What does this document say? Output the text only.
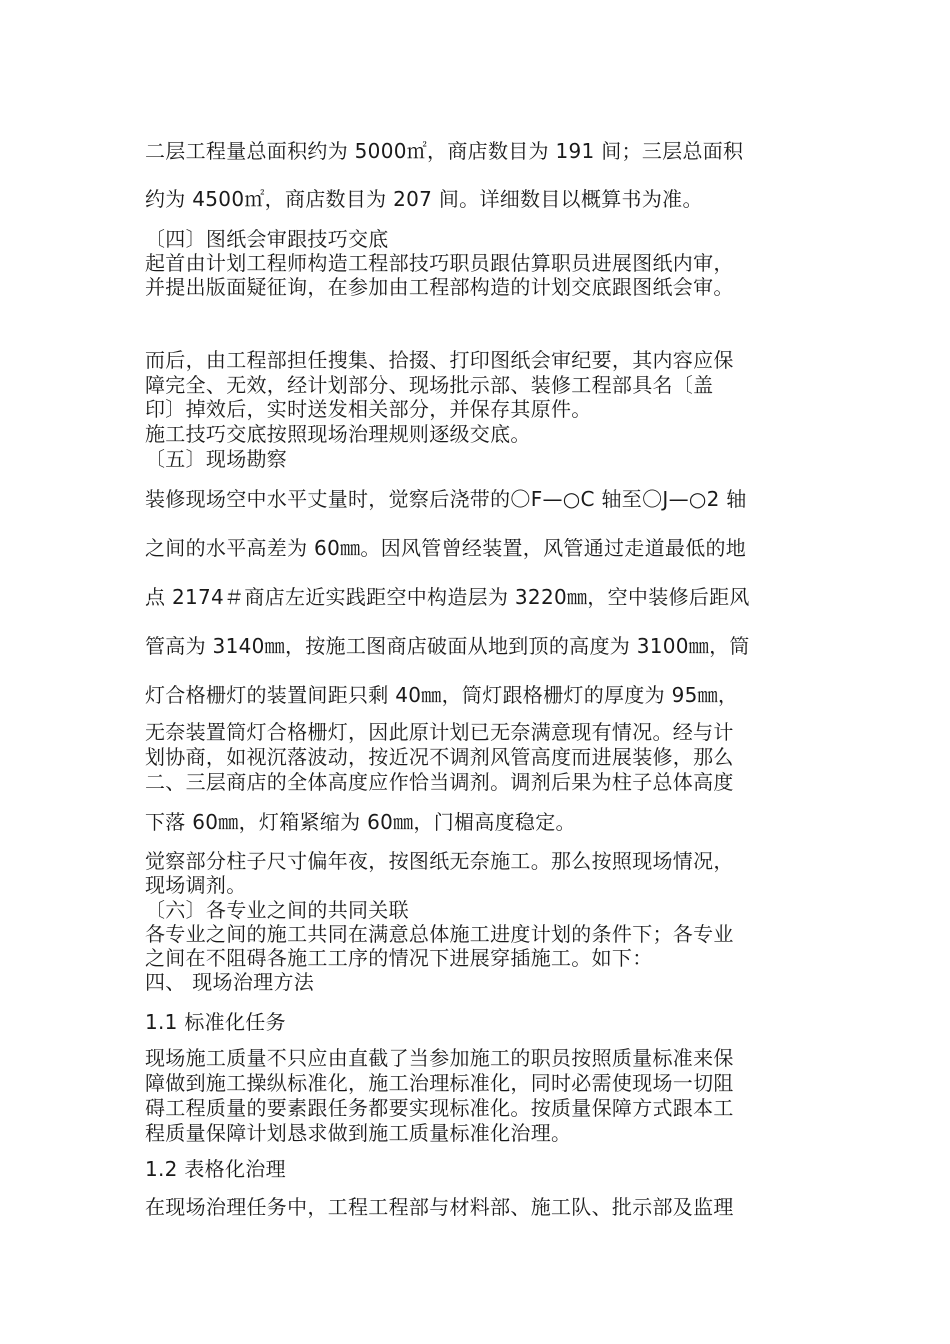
二层工程量总面积约为 5000㎡，商店数目为 191 间；三层总面积
约为 4500㎡，商店数目为 207 间。详细数目以概算书为准。
〔四〕图纸会审跟技巧交底
起首由计划工程师构造工程部技巧职员跟估算职员进展图纸内审，
并提出版面疑征询，在参加由工程部构造的计划交底跟图纸会审。
而后，由工程部担任搜集、拾掇、打印图纸会审纪要，其内容应保
障完全、无效，经计划部分、现场批示部、装修工程部具名〔盖
印〕掉效后，实时送发相关部分，并保存其原件。
施工技巧交底按照现场治理规则逐级交底。
〔五〕现场勘察
装修现场空中水平丈量时，觉察后浇带的〇F—○C 轴至〇J—○2 轴
之间的水平高差为 60㎜。因风管曾经装置，风管通过走道最低的地
点 2174＃商店左近实践距空中构造层为 3220㎜，空中装修后距风
管高为 3140㎜，按施工图商店破面从地到顶的高度为 3100㎜，筒
灯合格栅灯的装置间距只剩 40㎜，筒灯跟格栅灯的厚度为 95㎜，
无奈装置筒灯合格栅灯，因此原计划已无奈满意现有情况。经与计
划协商，如视沉落波动，按近况不调剂风管高度而进展装修，那么
二、三层商店的全体高度应作恰当调剂。调剂后果为柱子总体高度
下落 60㎜，灯箱紧缩为 60㎜，门楣高度稳定。
觉察部分柱子尺寸偏年夜，按图纸无奈施工。那么按照现场情况，
现场调剂。
〔六〕各专业之间的共同关联
各专业之间的施工共同在满意总体施工进度计划的条件下；各专业
之间在不阻碍各施工工序的情况下进展穿插施工。如下：
四、 现场治理方法
1.1 标准化任务
现场施工质量不只应由直截了当参加施工的职员按照质量标准来保
障做到施工操纵标准化，施工治理标准化，同时必需使现场一切阻
碍工程质量的要素跟任务都要实现标准化。按质量保障方式跟本工
程质量保障计划恳求做到施工质量标准化治理。
1.2 表格化治理
在现场治理任务中，工程工程部与材料部、施工队、批示部及监理
